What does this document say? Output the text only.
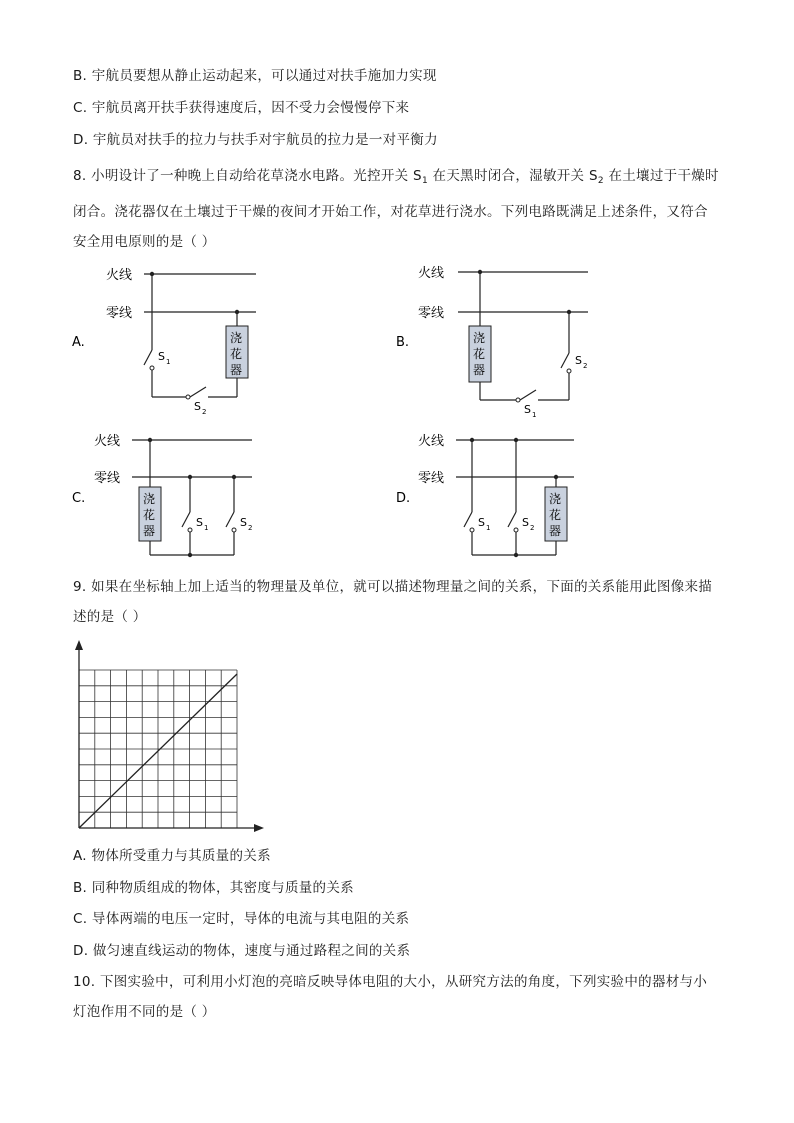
B. 宇航员要想从静止运动起来，可以通过对扶手施加力实现
C. 宇航员离开扶手获得速度后，因不受力会慢慢停下来
D. 宇航员对扶手的拉力与扶手对宇航员的拉力是一对平衡力
8. 小明设计了一种晚上自动给花草浇水电路。光控开关 $S_1$ 在天黑时闭合，湿敏开关 $S_2$ 在土壤过于干燥时
闭合。浇花器仅在土壤过于干燥的夜间才开始工作，对花草进行浇水。下列电路既满足上述条件，又符合
安全用电原则的是（ ）
火线
零线
A.
S 1
S 2
浇
花
器
火线
零线
B.	浇
花
器
S 1
S 2
火线
零线
C.	浇
花
器
S 1	S 2
火线
零线
D.
S 1	S 2
浇
花
器
9. 如果在坐标轴上加上适当的物理量及单位，就可以描述物理量之间的关系，下面的关系能用此图像来描
述的是（ ）
A. 物体所受重力与其质量的关系
B. 同种物质组成的物体，其密度与质量的关系
C. 导体两端的电压一定时，导体的电流与其电阻的关系
D. 做匀速直线运动的物体，速度与通过路程之间的关系
10. 下图实验中，可利用小灯泡的亮暗反映导体电阻的大小，从研究方法的角度，下列实验中的器材与小
灯泡作用不同的是（ ）
